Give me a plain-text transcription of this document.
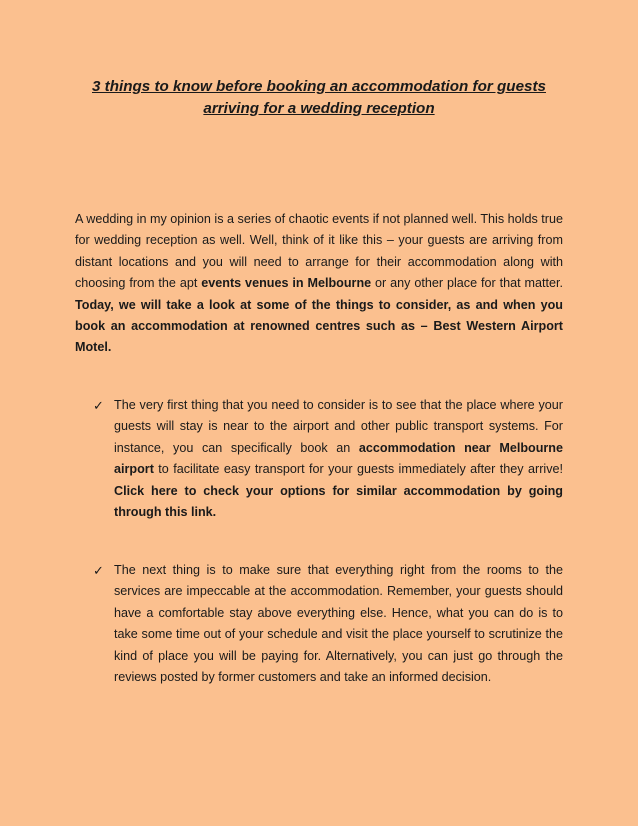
3 things to know before booking an accommodation for guests arriving for a wedding reception

A wedding in my opinion is a series of chaotic events if not planned well. This holds true for wedding reception as well. Well, think of it like this – your guests are arriving from distant locations and you will need to arrange for their accommodation along with choosing from the apt events venues in Melbourne or any other place for that matter. Today, we will take a look at some of the things to consider, as and when you book an accommodation at renowned centres such as – Best Western Airport Motel.

✓ The very first thing that you need to consider is to see that the place where your guests will stay is near to the airport and other public transport systems. For instance, you can specifically book an accommodation near Melbourne airport to facilitate easy transport for your guests immediately after they arrive! Click here to check your options for similar accommodation by going through this link.
✓ The next thing is to make sure that everything right from the rooms to the services are impeccable at the accommodation. Remember, your guests should have a comfortable stay above everything else. Hence, what you can do is to take some time out of your schedule and visit the place yourself to scrutinize the kind of place you will be paying for. Alternatively, you can just go through the reviews posted by former customers and take an informed decision.
